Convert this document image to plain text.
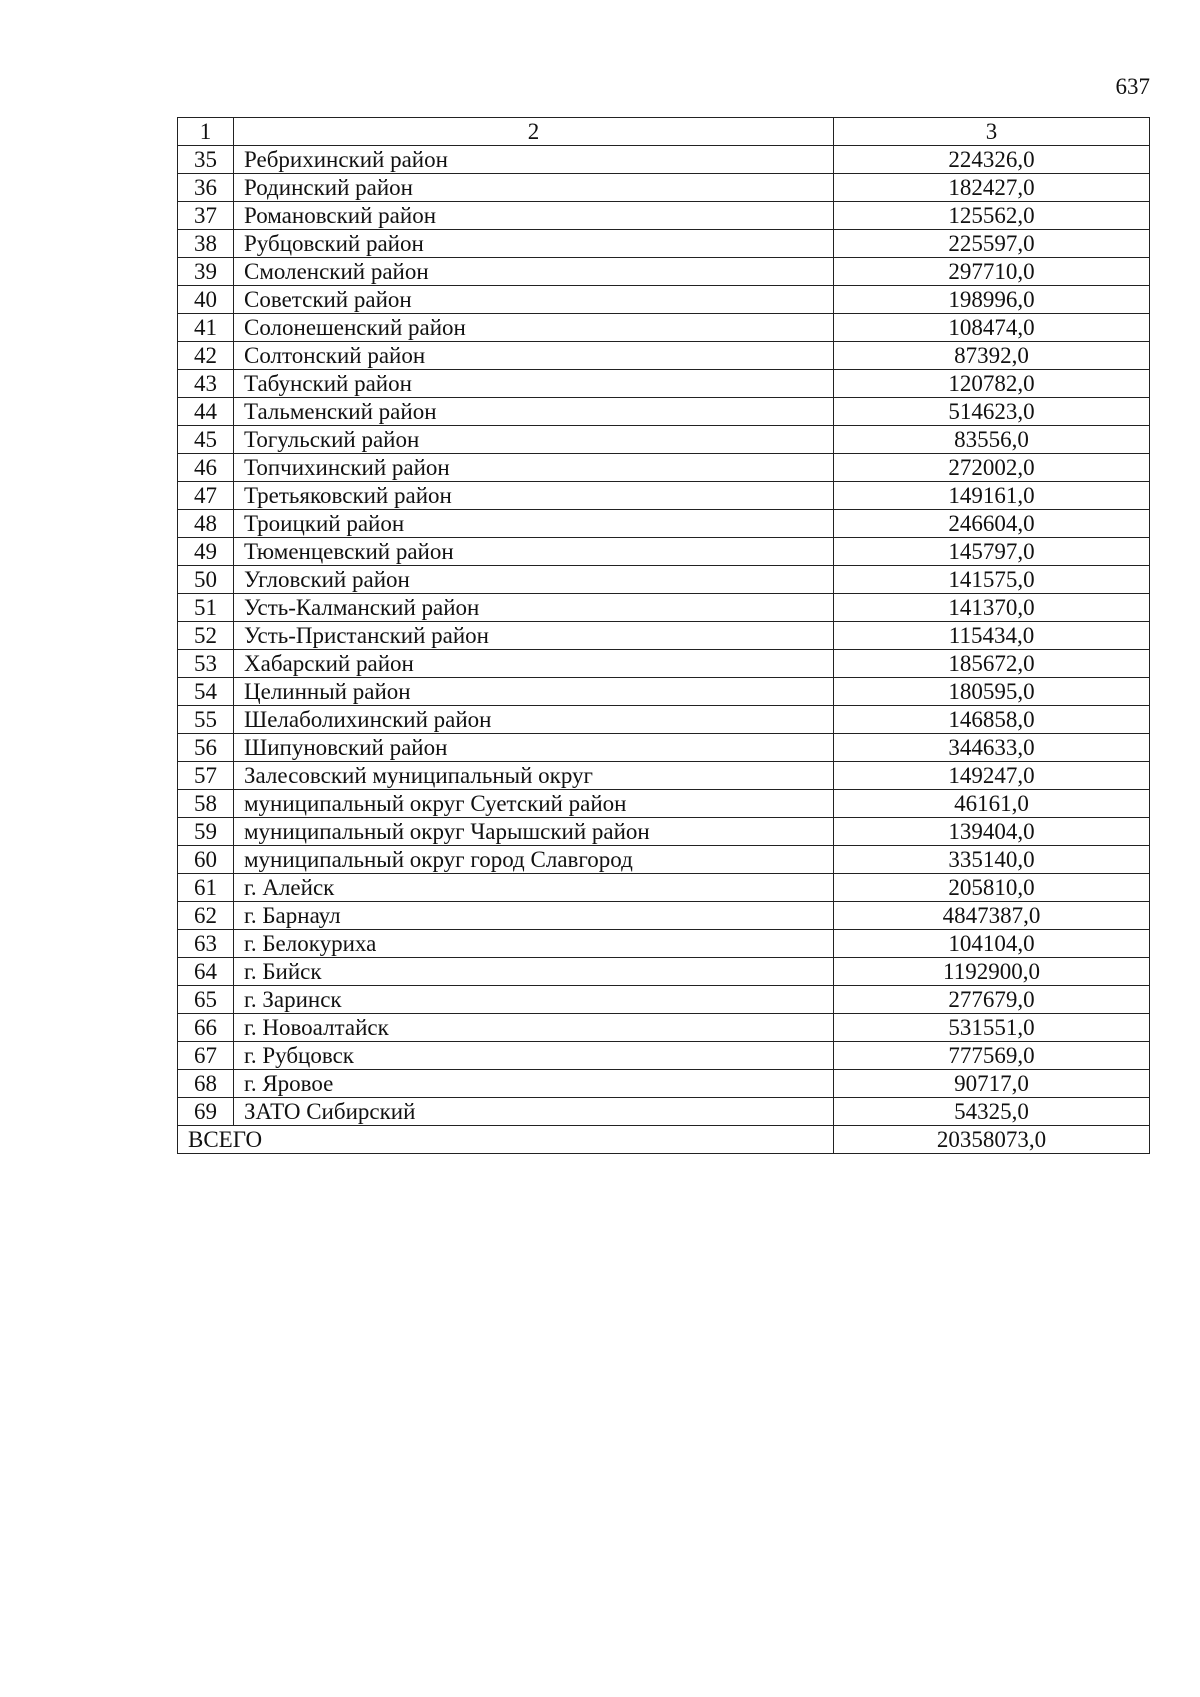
637
1	2	3
35	Ребрихинский район	224326,0
36	Родинский район	182427,0
37	Романовский район	125562,0
38	Рубцовский район	225597,0
39	Смоленский район	297710,0
40	Советский район	198996,0
41	Солонешенский район	108474,0
42	Солтонский район	87392,0
43	Табунский район	120782,0
44	Тальменский район	514623,0
45	Тогульский район	83556,0
46	Топчихинский район	272002,0
47	Третьяковский район	149161,0
48	Троицкий район	246604,0
49	Тюменцевский район	145797,0
50	Угловский район	141575,0
51	Усть-Калманский район	141370,0
52	Усть-Пристанский район	115434,0
53	Хабарский район	185672,0
54	Целинный район	180595,0
55	Шелаболихинский район	146858,0
56	Шипуновский район	344633,0
57	Залесовский муниципальный округ	149247,0
58	муниципальный округ Суетский район	46161,0
59	муниципальный округ Чарышский район	139404,0
60	муниципальный округ город Славгород	335140,0
61	г. Алейск	205810,0
62	г. Барнаул	4847387,0
63	г. Белокуриха	104104,0
64	г. Бийск	1192900,0
65	г. Заринск	277679,0
66	г. Новоалтайск	531551,0
67	г. Рубцовск	777569,0
68	г. Яровое	90717,0
69	ЗАТО Сибирский	54325,0
ВСЕГО		20358073,0
